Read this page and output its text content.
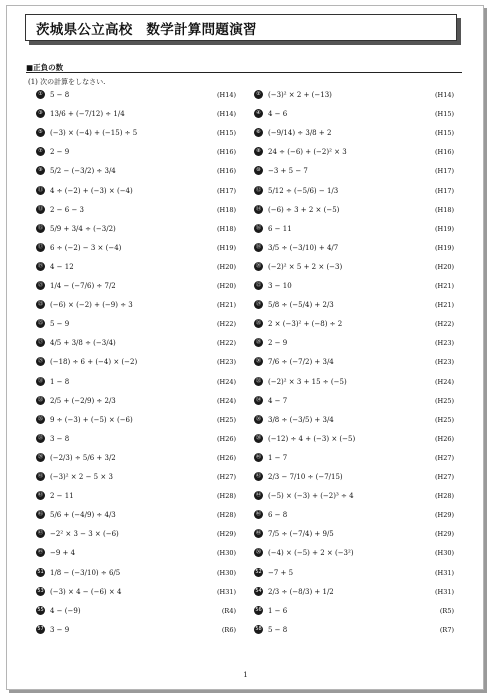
茨城県公立高校　数学計算問題演習
■正負の数
(1) 次の計算をしなさい.
①	5 − 8	(H14)	②	(−3)² × 2 + (−13)	(H14)
③	13/6 + (−7/12) ÷ 1/4	(H14)	④	4 − 6	(H15)
⑤	(−3) × (−4) + (−15) ÷ 5	(H15)	⑥	(−9/14) ÷ 3/8 + 2	(H15)
⑦	2 − 9	(H16)	⑧	24 ÷ (−6) + (−2)² × 3	(H16)
⑨	5/2 − (−3/2) ÷ 3/4	(H16)	⑩	−3 + 5 − 7	(H17)
⑪ 4 ÷ (−2) + (−3) × (−4)	(H17)	⑫ 5/12 ÷ (−5/6) − 1/3	(H17)
⑬ 2 − 6 − 3	(H18)	⑭ (−6) ÷ 3 + 2 × (−5)	(H18)
⑮ 5/9 + 3/4 ÷ (−3/2)	(H18)	⑯ 6 − 11	(H19)
⑰ 6 ÷ (−2) − 3 × (−4)	(H19)	⑱ 3/5 ÷ (−3/10) + 4/7	(H19)
⑲ 4 − 12	(H20)	⑳ (−2)² × 5 + 2 × (−3)	(H20)
㉑ 1/4 − (−7/6) ÷ 7/2	(H20)	㉒ 3 − 10	(H21)
㉓ (−6) × (−2) + (−9) ÷ 3	(H21)	㉔ 5/8 ÷ (−5/4) + 2/3	(H21)
㉕ 5 − 9	(H22)	㉖ 2 × (−3)² + (−8) ÷ 2	(H22)
㉗ 4/5 + 3/8 ÷ (−3/4)	(H22)	㉘ 2 − 9	(H23)
㉙ (−18) ÷ 6 + (−4) × (−2)	(H23)	㉚ 7/6 ÷ (−7/2) + 3/4	(H23)
㉛ 1 − 8	(H24)	㉜ (−2)² × 3 + 15 ÷ (−5)	(H24)
㉝ 2/5 + (−2/9) ÷ 2/3	(H24)	㉞ 4 − 7	(H25)
㉟ 9 ÷ (−3) + (−5) × (−6)	(H25)	㊱ 3/8 ÷ (−3/5) + 3/4	(H25)
㊲ 3 − 8	(H26)	㊳ (−12) ÷ 4 + (−3) × (−5)	(H26)
㊴ (−2/3) ÷ 5/6 + 3/2	(H26)	㊵ 1 − 7	(H27)
㊶ (−3)² × 2 − 5 × 3	(H27)	㊷ 2/3 − 7/10 ÷ (−7/15)	(H27)
㊸ 2 − 11	(H28)	㊹ (−5) × (−3) + (−2)³ ÷ 4	(H28)
㊺ 5/6 + (−4/9) ÷ 4/3	(H28)	㊻ 6 − 8	(H29)
㊼ −2² × 3 − 3 × (−6)	(H29)	㊽ 7/5 ÷ (−7/4) + 9/5	(H29)
㊾ −9 + 4	(H30)	㊿ (−4) × (−5) + 2 × (−3²)	(H30)
51 1/8 − (−3/10) ÷ 6/5	(H30)	52 −7 + 5	(H31)
53 (−3) × 4 − (−6) × 4	(H31)	54 2/3 ÷ (−8/3) + 1/2	(H31)
55 4 − (−9)	(R4)	56 1 − 6	(R5)
57 3 − 9	(R6)	58 5 − 8	(R7)
1
